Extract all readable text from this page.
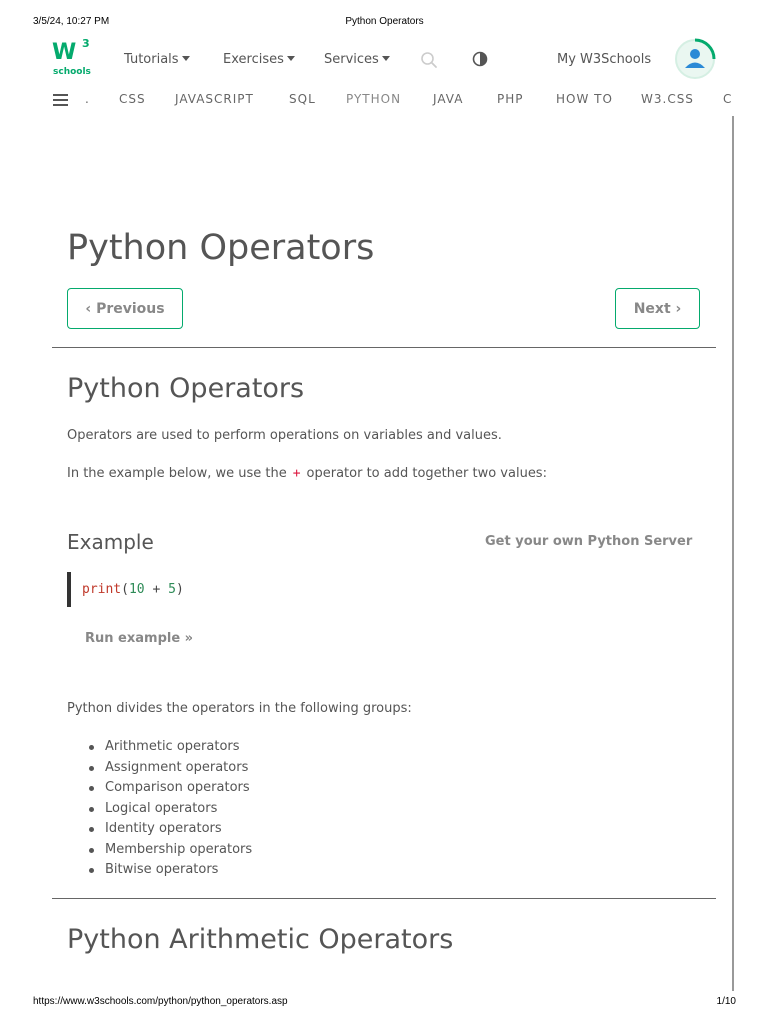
3/5/24, 10:27 PM	Python Operators
W 3
schools
Tutorials	Exercises	Services	My W3Schools
.	CSS JAVASCRIPT	SQL	PYTHON	JAVA	PHP	HOW TO W3.CSS C
Python Operators
‹ Previous	Next ›
Python Operators

Operators are used to perform operations on variables and values.

In the example below, we use the + operator to add together two values:

Example	Get your own Python Server
print(10 + 5)
Run example »

Python divides the operators in the following groups:

Arithmetic operators
Assignment operators
Comparison operators
Logical operators
Identity operators
Membership operators
Bitwise operators
Python Arithmetic Operators
https://www.w3schools.com/python/python_operators.asp	1/10
